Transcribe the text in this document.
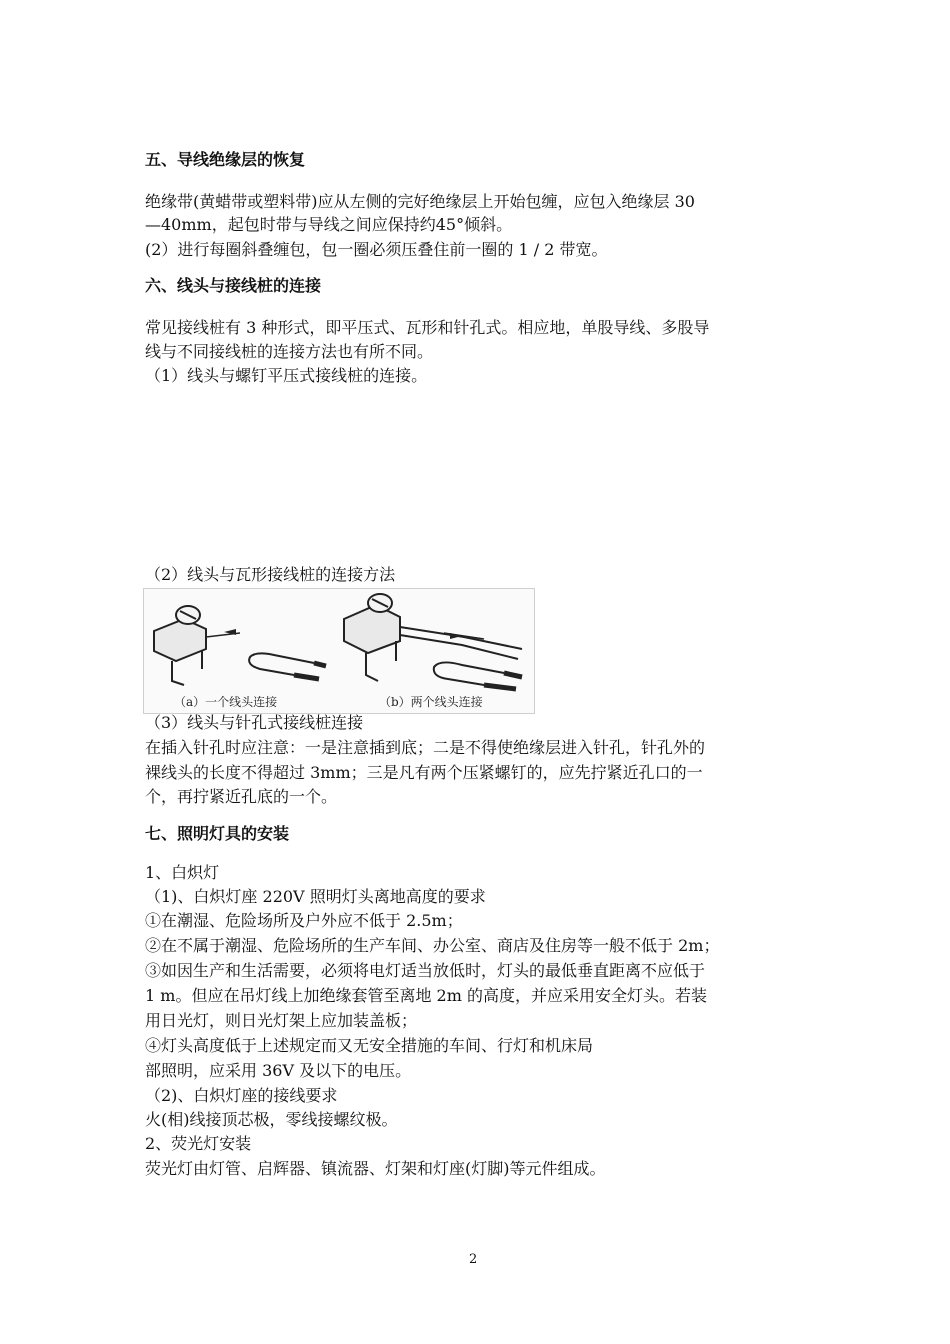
五、导线绝缘层的恢复
绝缘带(黄蜡带或塑料带)应从左侧的完好绝缘层上开始包缠，应包入绝缘层 30
—40mm，起包时带与导线之间应保持约45°倾斜。
(2）进行每圈斜叠缠包，包一圈必须压叠住前一圈的 1 / 2 带宽。
六、线头与接线桩的连接
常见接线桩有 3 种形式，即平压式、瓦形和针孔式。相应地，单股导线、多股导
线与不同接线桩的连接方法也有所不同。
（1）线头与螺钉平压式接线桩的连接。
（2）线头与瓦形接线桩的连接方法
（a）一个线头连接	（b）两个线头连接
（3）线头与针孔式接线桩连接
在插入针孔时应注意：一是注意插到底；二是不得使绝缘层进入针孔，针孔外的
裸线头的长度不得超过 3mm；三是凡有两个压紧螺钉的，应先拧紧近孔口的一
个，再拧紧近孔底的一个。
七、照明灯具的安装
1、白炽灯
（1)、白炽灯座 220V 照明灯头离地高度的要求
①在潮湿、危险场所及户外应不低于 2.5m；
②在不属于潮湿、危险场所的生产车间、办公室、商店及住房等一般不低于 2m；
③如因生产和生活需要，必须将电灯适当放低时，灯头的最低垂直距离不应低于
1 m。但应在吊灯线上加绝缘套管至离地 2m 的高度，并应采用安全灯头。若装
用日光灯，则日光灯架上应加装盖板；
④灯头高度低于上述规定而又无安全措施的车间、行灯和机床局
部照明，应采用 36V 及以下的电压。
（2)、白炽灯座的接线要求
火(相)线接顶芯极，零线接螺纹极。
2、荧光灯安装
荧光灯由灯管、启辉器、镇流器、灯架和灯座(灯脚)等元件组成。
2
